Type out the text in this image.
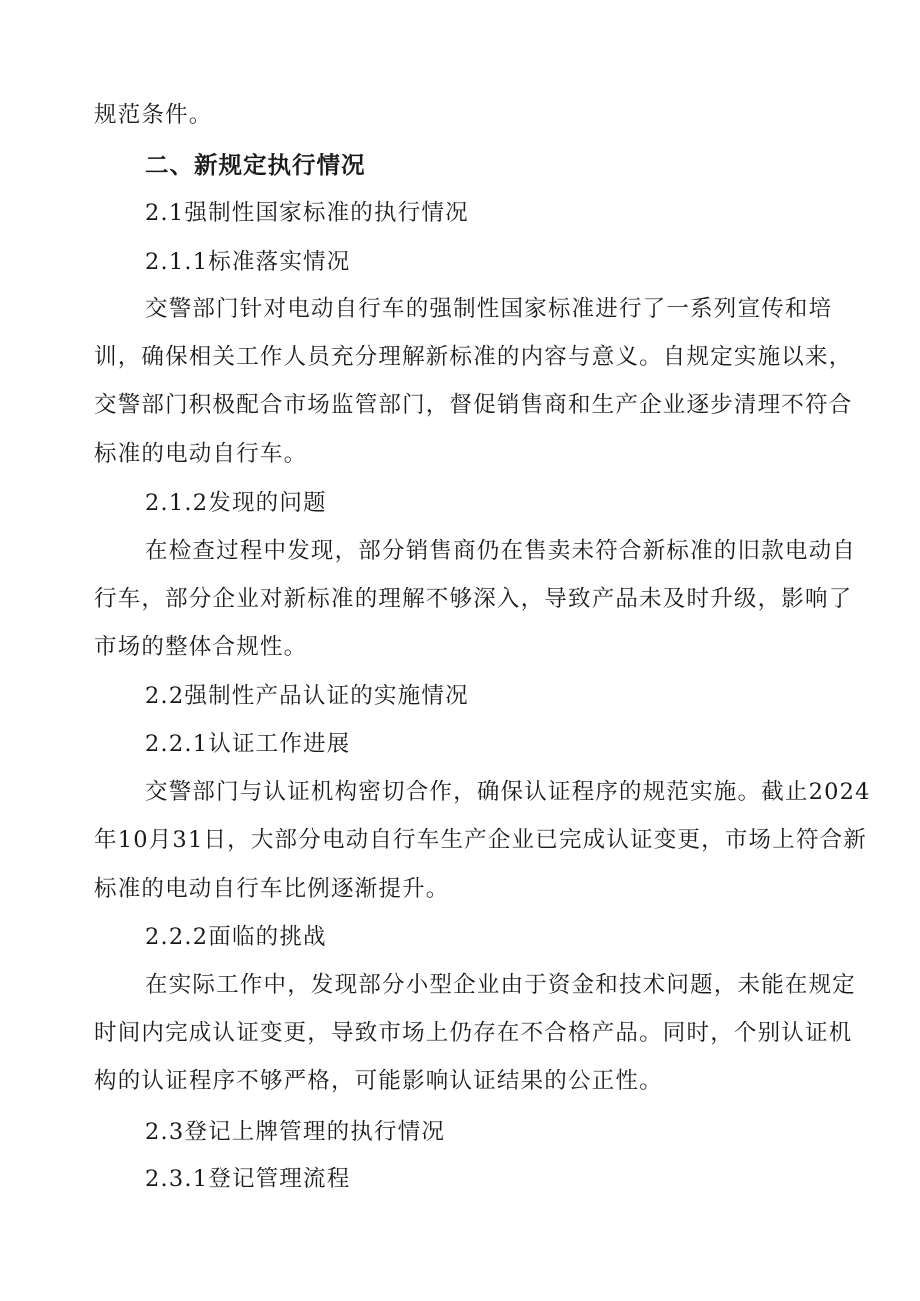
规范条件。
二、新规定执行情况
2.1强制性国家标准的执行情况
2.1.1标准落实情况
交警部门针对电动自行车的强制性国家标准进行了一系列宣传和培
训，确保相关工作人员充分理解新标准的内容与意义。自规定实施以来，
交警部门积极配合市场监管部门，督促销售商和生产企业逐步清理不符合
标准的电动自行车。
2.1.2发现的问题
在检查过程中发现，部分销售商仍在售卖未符合新标准的旧款电动自
行车，部分企业对新标准的理解不够深入，导致产品未及时升级，影响了
市场的整体合规性。
2.2强制性产品认证的实施情况
2.2.1认证工作进展
交警部门与认证机构密切合作，确保认证程序的规范实施。截止2024
年10月31日，大部分电动自行车生产企业已完成认证变更，市场上符合新
标准的电动自行车比例逐渐提升。
2.2.2面临的挑战
在实际工作中，发现部分小型企业由于资金和技术问题，未能在规定
时间内完成认证变更，导致市场上仍存在不合格产品。同时，个别认证机
构的认证程序不够严格，可能影响认证结果的公正性。
2.3登记上牌管理的执行情况
2.3.1登记管理流程
